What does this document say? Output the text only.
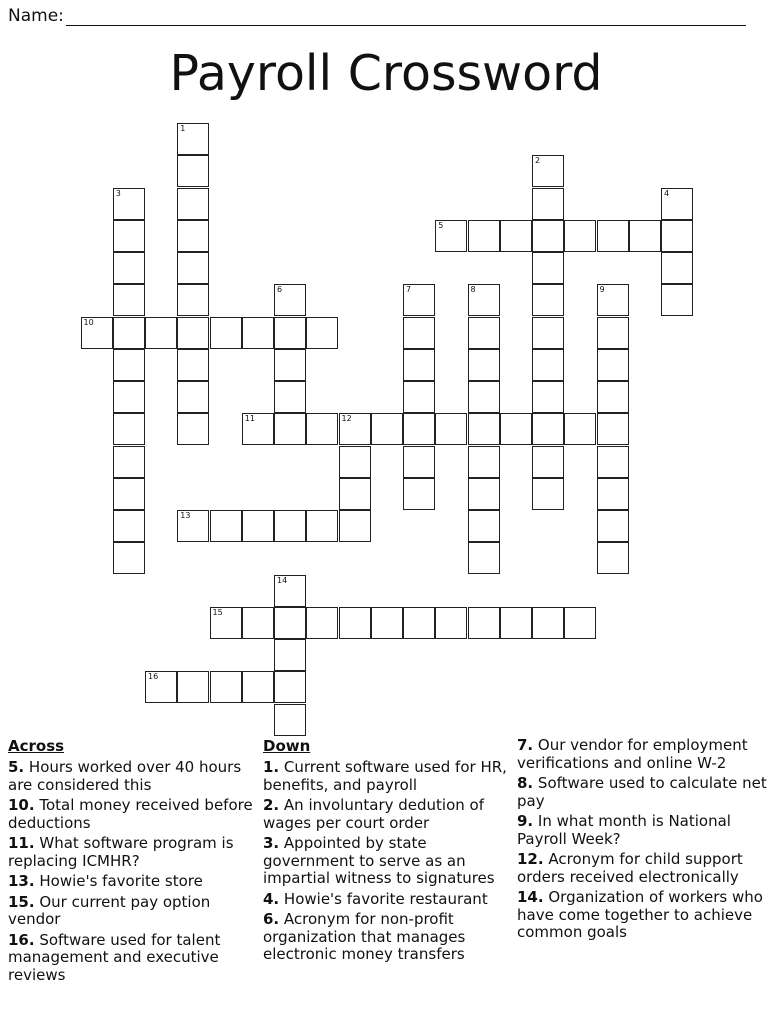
Name:
Payroll Crossword
1
2
3	4
5
6	7	8	9
10
11	12
13
14
15
16
Across
5. Hours worked over 40 hours are considered this
10. Total money received before deductions
11. What software program is replacing ICMHR?
13. Howie's favorite store
15. Our current pay option vendor
16. Software used for talent management and executive reviews
Down
1. Current software used for HR, benefits, and payroll
2. An involuntary dedution of wages per court order
3. Appointed by state government to serve as an impartial witness to signatures
4. Howie's favorite restaurant
6. Acronym for non-profit organization that manages electronic money transfers
7. Our vendor for employment verifications and online W-2
8. Software used to calculate net pay
9. In what month is National Payroll Week?
12. Acronym for child support orders received electronically
14. Organization of workers who have come together to achieve common goals
